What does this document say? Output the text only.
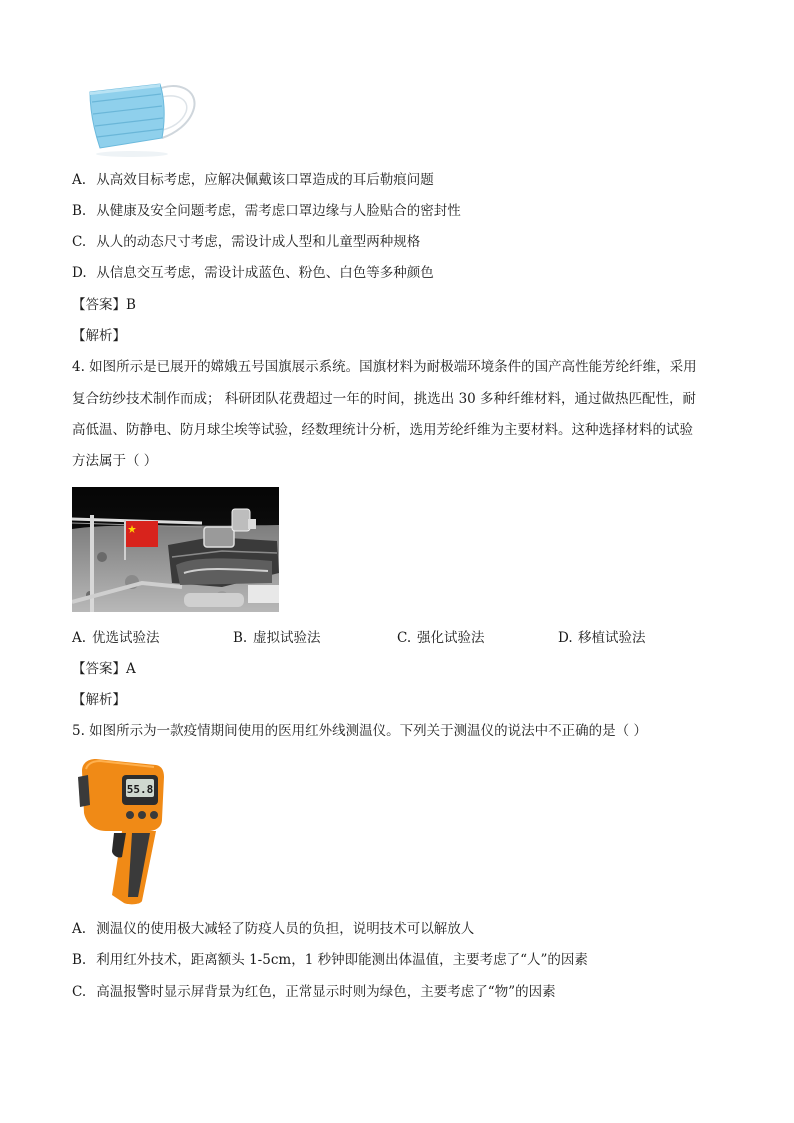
A. 从高效目标考虑，应解决佩戴该口罩造成的耳后勒痕问题
B. 从健康及安全问题考虑，需考虑口罩边缘与人脸贴合的密封性
C. 从人的动态尺寸考虑，需设计成人型和儿童型两种规格
D. 从信息交互考虑，需设计成蓝色、粉色、白色等多种颜色
【答案】B
【解析】
4. 如图所示是已展开的嫦娥五号国旗展示系统。国旗材料为耐极端环境条件的国产高性能芳纶纤维，采用
复合纺纱技术制作而成； 科研团队花费超过一年的时间，挑选出 30 多种纤维材料，通过做热匹配性，耐
高低温、防静电、防月球尘埃等试验，经数理统计分析，选用芳纶纤维为主要材料。这种选择材料的试验
方法属于（ ）
A. 优选试验法	B. 虚拟试验法	C. 强化试验法	D. 移植试验法
【答案】A
【解析】
5. 如图所示为一款疫情期间使用的医用红外线测温仪。下列关于测温仪的说法中不正确的是（ ）
55.8
A. 测温仪的使用极大减轻了防疫人员的负担，说明技术可以解放人
B. 利用红外技术，距离额头 1-5cm，1 秒钟即能测出体温值，主要考虑了“人”的因素
C. 高温报警时显示屏背景为红色，正常显示时则为绿色，主要考虑了“物”的因素
